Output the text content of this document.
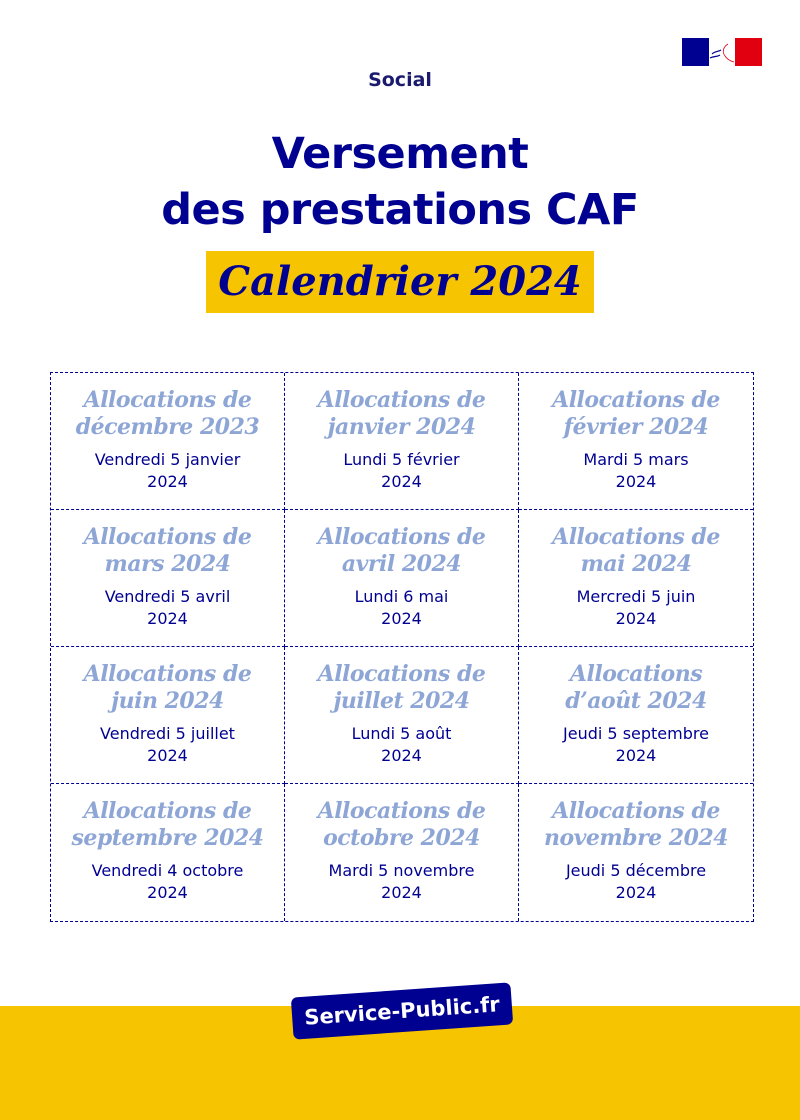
Social
Versement
des prestations CAF
Calendrier 2024
Allocations de
décembre 2023
Vendredi 5 janvier
2024
Allocations de
janvier 2024
Lundi 5 février
2024
Allocations de
février 2024
Mardi 5 mars
2024
Allocations de
mars 2024
Vendredi 5 avril
2024
Allocations de
avril 2024
Lundi 6 mai
2024
Allocations de
mai 2024
Mercredi 5 juin
2024
Allocations de
juin 2024
Vendredi 5 juillet
2024
Allocations de
juillet 2024
Lundi 5 août
2024
Allocations
d’août 2024
Jeudi 5 septembre
2024
Allocations de
septembre 2024
Vendredi 4 octobre
2024
Allocations de
octobre 2024
Mardi 5 novembre
2024
Allocations de
novembre 2024
Jeudi 5 décembre
2024
Service-Public.fr
